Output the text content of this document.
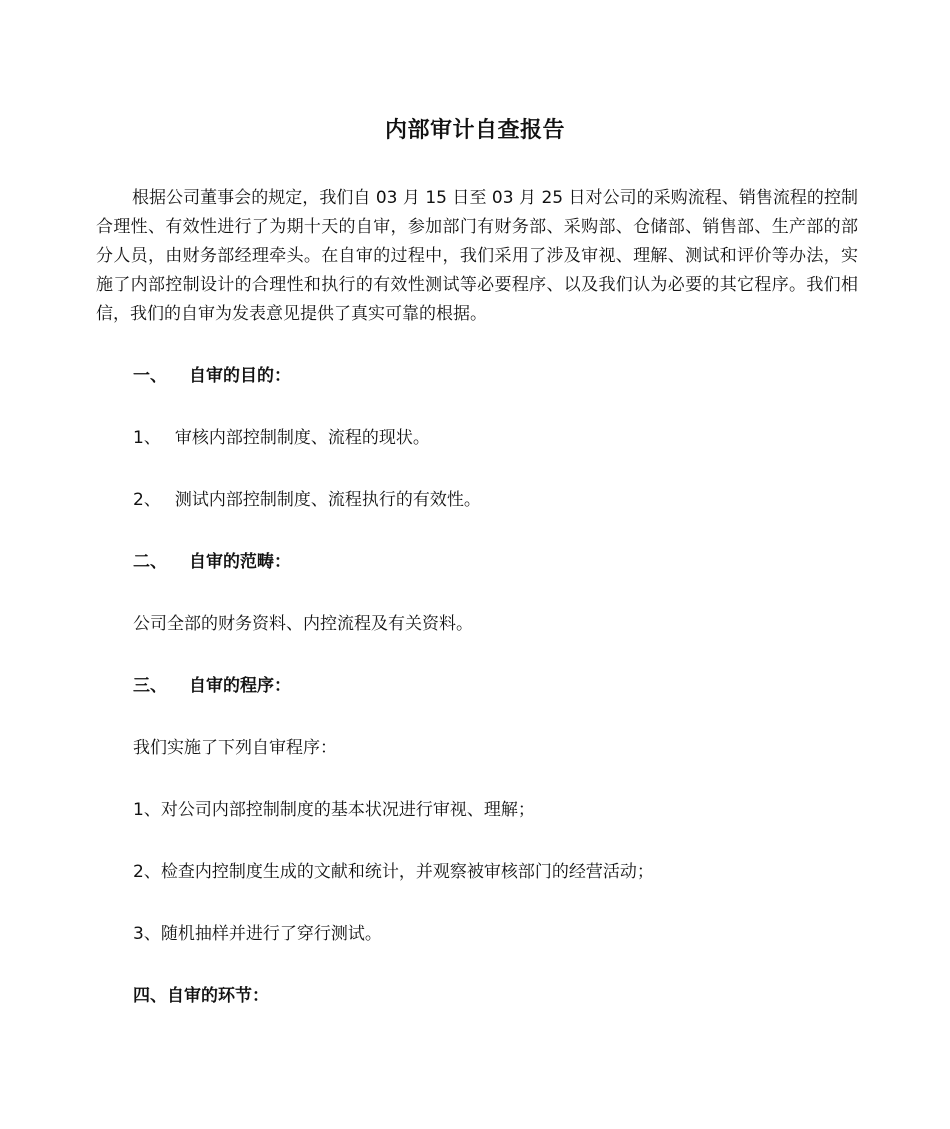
内部审计自查报告

根据公司董事会的规定，我们自 03 月 15 日至 03 月 25 日对公司的采购流程、销售流程的控制合理性、有效性进行了为期十天的自审，参加部门有财务部、采购部、仓储部、销售部、生产部的部分人员，由财务部经理牵头。在自审的过程中，我们采用了涉及审视、理解、测试和评价等办法，实施了内部控制设计的合理性和执行的有效性测试等必要程序、以及我们认为必要的其它程序。我们相信，我们的自审为发表意见提供了真实可靠的根据。

一、 自审的目的：
1、 审核内部控制制度、流程的现状。
2、 测试内部控制制度、流程执行的有效性。
二、 自审的范畴：
公司全部的财务资料、内控流程及有关资料。
三、 自审的程序：
我们实施了下列自审程序：
1、对公司内部控制制度的基本状况进行审视、理解；
2、检查内控制度生成的文献和统计，并观察被审核部门的经营活动；
3、随机抽样并进行了穿行测试。
四、自审的环节：
